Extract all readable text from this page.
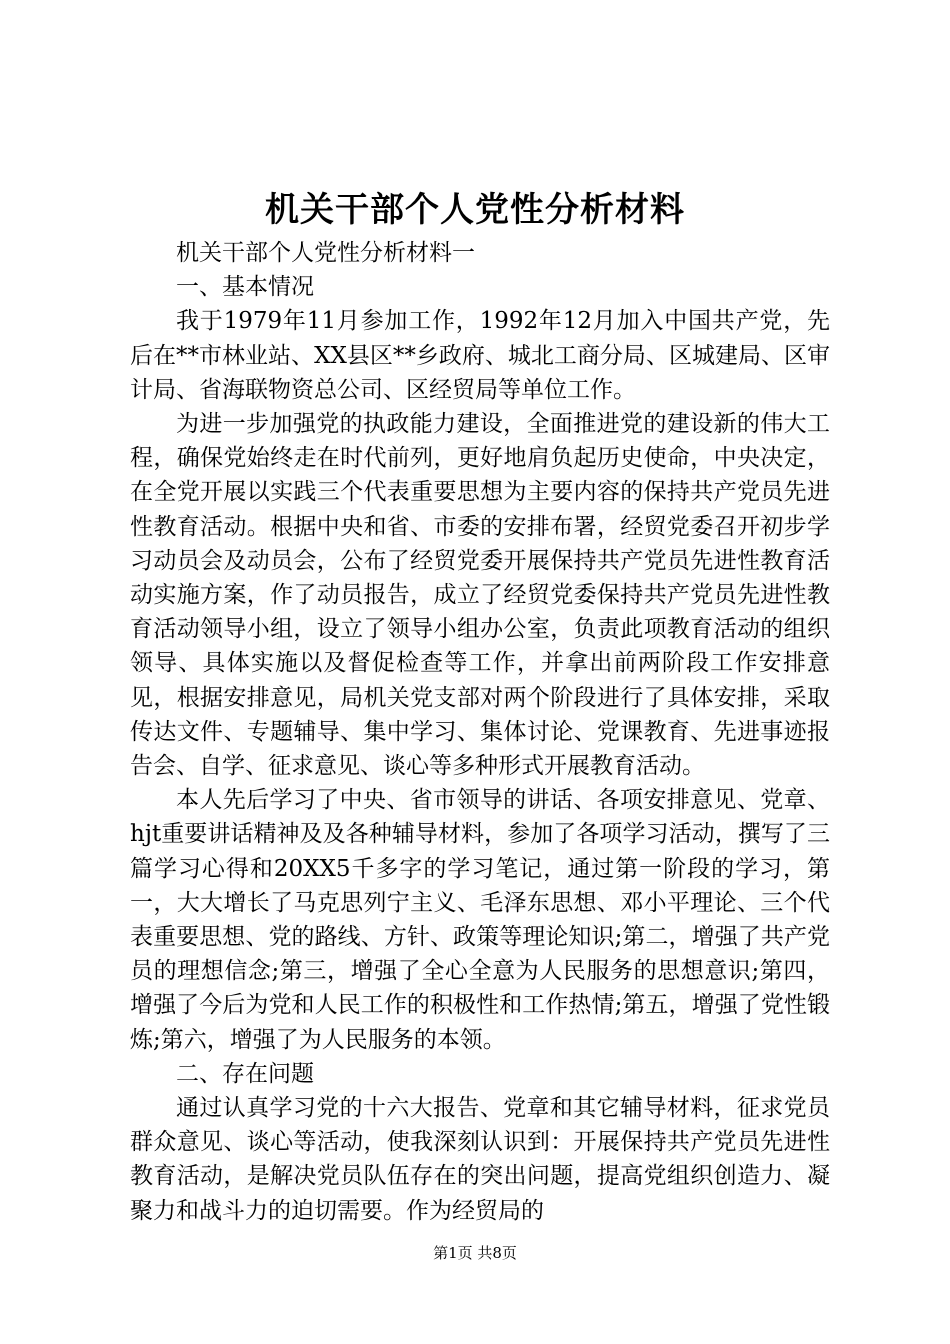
机关干部个人党性分析材料

机关干部个人党性分析材料一

一、基本情况

我于1979年11月参加工作，1992年12月加入中国共产党，先后在**市林业站、XX县区**乡政府、城北工商分局、区城建局、区审计局、省海联物资总公司、区经贸局等单位工作。

为进一步加强党的执政能力建设，全面推进党的建设新的伟大工程，确保党始终走在时代前列，更好地肩负起历史使命，中央决定，在全党开展以实践三个代表重要思想为主要内容的保持共产党员先进性教育活动。根据中央和省、市委的安排布署，经贸党委召开初步学习动员会及动员会，公布了经贸党委开展保持共产党员先进性教育活动实施方案，作了动员报告，成立了经贸党委保持共产党员先进性教育活动领导小组，设立了领导小组办公室，负责此项教育活动的组织领导、具体实施以及督促检查等工作，并拿出前两阶段工作安排意见，根据安排意见，局机关党支部对两个阶段进行了具体安排，采取传达文件、专题辅导、集中学习、集体讨论、党课教育、先进事迹报告会、自学、征求意见、谈心等多种形式开展教育活动。

本人先后学习了中央、省市领导的讲话、各项安排意见、党章、hjt重要讲话精神及及各种辅导材料，参加了各项学习活动，撰写了三篇学习心得和20XX5千多字的学习笔记，通过第一阶段的学习，第一，大大增长了马克思列宁主义、毛泽东思想、邓小平理论、三个代表重要思想、党的路线、方针、政策等理论知识;第二，增强了共产党员的理想信念;第三，增强了全心全意为人民服务的思想意识;第四，增强了今后为党和人民工作的积极性和工作热情;第五，增强了党性锻炼;第六，增强了为人民服务的本领。

二、存在问题

通过认真学习党的十六大报告、党章和其它辅导材料，征求党员群众意见、谈心等活动，使我深刻认识到：开展保持共产党员先进性教育活动，是解决党员队伍存在的突出问题，提高党组织创造力、凝聚力和战斗力的迫切需要。作为经贸局的

第1页 共8页
